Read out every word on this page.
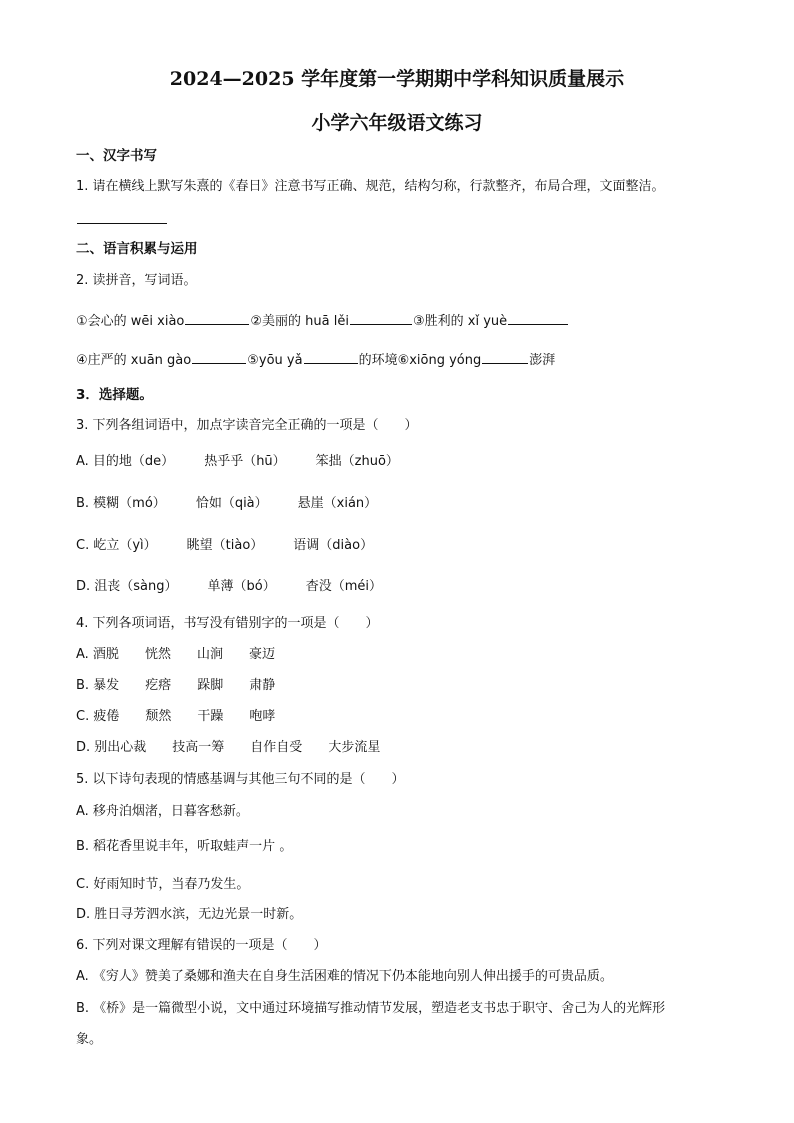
2024—2025 学年度第一学期期中学科知识质量展示
小学六年级语文练习
一、汉字书写
1. 请在横线上默写朱熹的《春日》注意书写正确、规范，结构匀称，行款整齐，布局合理，文面整洁。
二、语言积累与运用
2. 读拼音，写词语。
①会心的 wēi xiào	②美丽的 huā lěi	③胜利的 xǐ yuè
④庄严的 xuān gào	⑤yōu yǎ	的环境⑥xiōng yóng	澎湃
3．选择题。
3. 下列各组词语中，加点字读音完全正确的一项是（　　）
A. 目的地（de） 热乎乎（hū） 笨拙（zhuō）
B. 模糊（mó） 恰如（qià） 悬崖（xián）
C. 屹立（yì） 眺望（tiào） 语调（diào）
D. 沮丧（sàng） 单薄（bó） 杳没（méi）
4. 下列各项词语，书写没有错别字的一项是（　　）
A. 酒脱 恍然 山涧 豪迈
B. 暴发 疙瘩 跺脚 肃静
C. 疲倦 颓然 干躁 咆哮
D. 别出心裁 技高一筹 自作自受 大步流星
5. 以下诗句表现的情感基调与其他三句不同的是（　　）
A. 移舟泊烟渚，日暮客愁新。
B. 稻花香里说丰年，听取蛙声一片 。
C. 好雨知时节，当春乃发生。
D. 胜日寻芳泗水滨，无边光景一时新。
6. 下列对课文理解有错误的一项是（　　）
A. 《穷人》赞美了桑娜和渔夫在自身生活困难的情况下仍本能地向别人伸出援手的可贵品质。
B. 《桥》是一篇微型小说，文中通过环境描写推动情节发展，塑造老支书忠于职守、舍己为人的光辉形
象。
